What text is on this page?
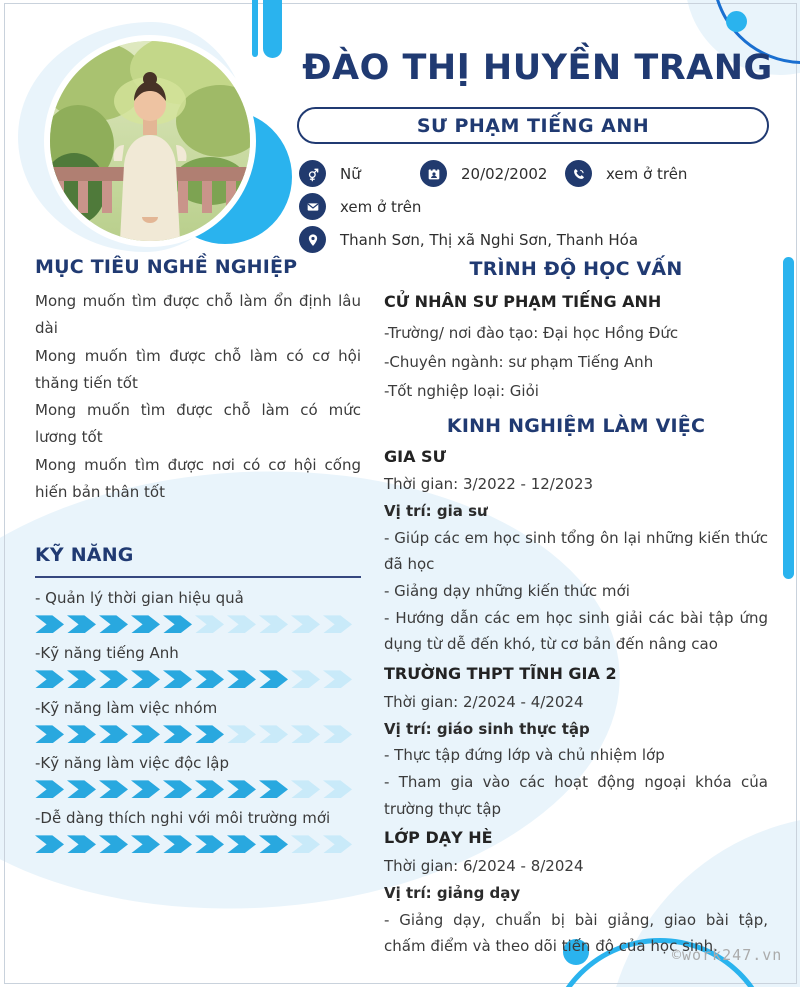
ĐÀO THỊ HUYỀN TRANG
SƯ PHẠM TIẾNG ANH
Nữ	20/02/2002	xem ở trên
xem ở trên
Thanh Sơn, Thị xã Nghi Sơn, Thanh Hóa
MỤC TIÊU NGHỀ NGHIỆP

Mong muốn tìm được chỗ làm ổn định lâu dài

Mong muốn tìm được chỗ làm có cơ hội thăng tiến tốt

Mong muốn tìm được chỗ làm có mức lương tốt

Mong muốn tìm được nơi có cơ hội cống hiến bản thân tốt

KỸ NĂNG
- Quản lý thời gian hiệu quả
-Kỹ năng tiếng Anh
-Kỹ năng làm việc nhóm
-Kỹ năng làm việc độc lập
-Dễ dàng thích nghi với môi trường mới
TRÌNH ĐỘ HỌC VẤN
CỬ NHÂN SƯ PHẠM TIẾNG ANH

-Trường/ nơi đào tạo: Đại học Hồng Đức

-Chuyên ngành: sư phạm Tiếng Anh

-Tốt nghiệp loại: Giỏi

KINH NGHIỆM LÀM VIỆC
GIA SƯ
Thời gian: 3/2022 - 12/2023
Vị trí: gia sư

- Giúp các em học sinh tổng ôn lại những kiến thức đã học

- Giảng dạy những kiến thức mới

- Hướng dẫn các em học sinh giải các bài tập ứng dụng từ dễ đến khó, từ cơ bản đến nâng cao

TRƯỜNG THPT TĨNH GIA 2
Thời gian: 2/2024 - 4/2024
Vị trí: giáo sinh thực tập

- Thực tập đứng lớp và chủ nhiệm lớp

- Tham gia vào các hoạt động ngoại khóa của trường thực tập

LỚP DẠY HÈ
Thời gian: 6/2024 - 8/2024
Vị trí: giảng dạy

- Giảng dạy, chuẩn bị bài giảng, giao bài tập, chấm điểm và theo dõi tiến độ của học sinh.

©work247.vn
